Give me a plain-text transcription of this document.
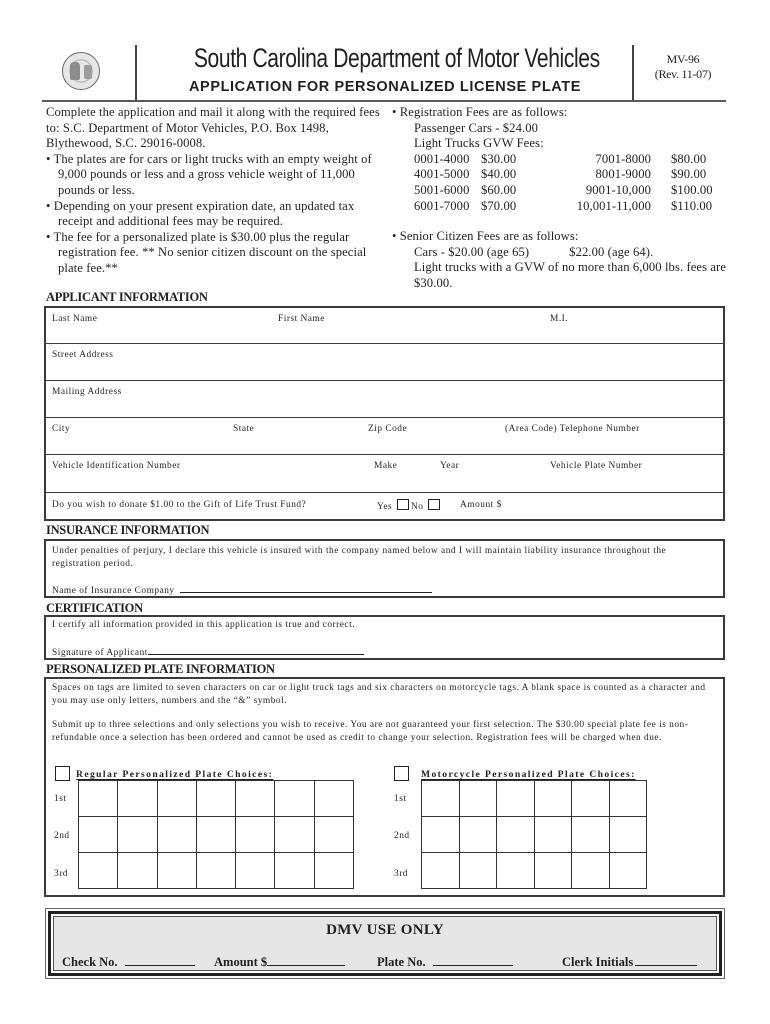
South Carolina Department of Motor Vehicles
APPLICATION FOR PERSONALIZED LICENSE PLATE
MV-96
(Rev. 11-07)
Complete the application and mail it along with the required fees to: S.C. Department of Motor Vehicles, P.O. Box 1498, Blythewood, S.C. 29016-0008.
• The plates are for cars or light trucks with an empty weight of 9,000 pounds or less and a gross vehicle weight of 11,000 pounds or less.
• Depending on your present expiration date, an updated tax receipt and additional fees may be required.
• The fee for a personalized plate is $30.00 plus the regular registration fee. ** No senior citizen discount on the special plate fee.**
• Registration Fees are as follows:
Passenger Cars - $24.00
Light Trucks GVW Fees:
0001-4000 $30.00	7001-8000	$80.00
4001-5000 $40.00	8001-9000	$90.00
5001-6000 $60.00	9001-10,000	$100.00
6001-7000 $70.00	10,001-11,000	$110.00
• Senior Citizen Fees are as follows:
Cars - $20.00 (age 65)	$22.00 (age 64).
Light trucks with a GVW of no more than 6,000 lbs. fees are $30.00.
APPLICANT INFORMATION
Last Name	First Name	M.I.
Street Address
Mailing Address
City	State	Zip Code	(Area Code) Telephone Number
Vehicle Identification Number	Make	Year	Vehicle Plate Number
Do you wish to donate $1.00 to the Gift of Life Trust Fund?	Yes No	Amount $
INSURANCE INFORMATION
Under penalties of perjury, I declare this vehicle is insured with the company named below and I will maintain liability insurance throughout the registration period.
Name of Insurance Company
CERTIFICATION
I certify all information provided in this application is true and correct.
Signature of Applicant
PERSONALIZED PLATE INFORMATION
Spaces on tags are limited to seven characters on car or light truck tags and six characters on motorcycle tags. A blank space is counted as a character and you may use only letters, numbers and the “&” symbol.
Submit up to three selections and only selections you wish to receive. You are not guaranteed your first selection. The $30.00 special plate fee is non-refundable once a selection has been ordered and cannot be used as credit to change your selection. Registration fees will be charged when due.
Regular Personalized Plate Choices:
1st
2nd
3rd

Motorcycle Personalized Plate Choices:
1st
2nd
3rd

DMV USE ONLY
Check No.	Amount $	Plate No.	Clerk Initials
